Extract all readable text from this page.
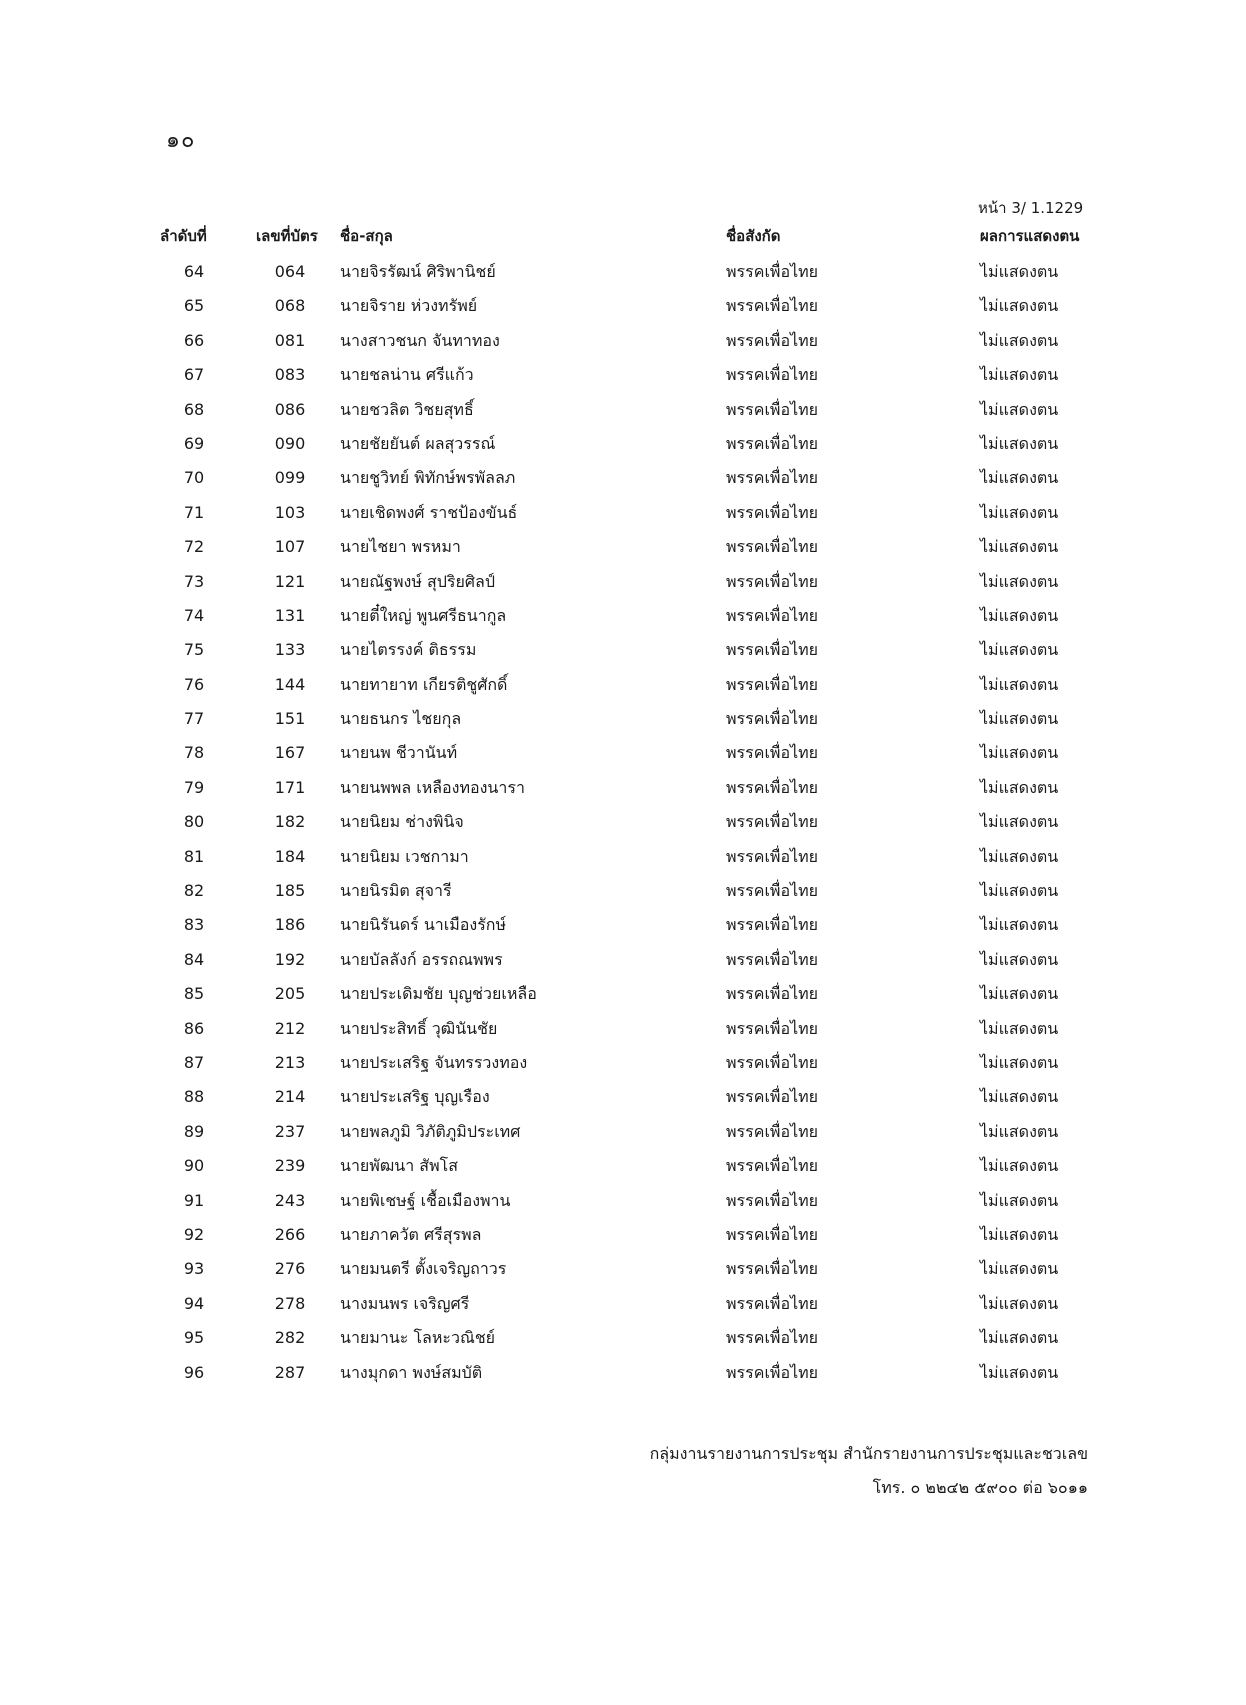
๑๐
หน้า 3/ 1.1229
ลำดับที่	เลขที่บัตร ชื่อ-สกุล	ชื่อสังกัด	ผลการแสดงตน
64	064	นายจิรรัฒน์ ศิริพานิชย์	พรรคเพื่อไทย	ไม่แสดงตน
65	068	นายจิราย ห่วงทรัพย์	พรรคเพื่อไทย	ไม่แสดงตน
66	081	นางสาวชนก จันทาทอง	พรรคเพื่อไทย	ไม่แสดงตน
67	083	นายชลน่าน ศรีแก้ว	พรรคเพื่อไทย	ไม่แสดงตน
68	086	นายชวลิต วิชยสุทธิ์	พรรคเพื่อไทย	ไม่แสดงตน
69	090	นายชัยยันต์ ผลสุวรรณ์	พรรคเพื่อไทย	ไม่แสดงตน
70	099	นายชูวิทย์ พิทักษ์พรพัลลภ	พรรคเพื่อไทย	ไม่แสดงตน
71	103	นายเชิดพงศ์ ราชป้องขันธ์	พรรคเพื่อไทย	ไม่แสดงตน
72	107	นายไชยา พรหมา	พรรคเพื่อไทย	ไม่แสดงตน
73	121	นายณัฐพงษ์ สุปริยศิลป์	พรรคเพื่อไทย	ไม่แสดงตน
74	131	นายตี๋ใหญ่ พูนศรีธนากูล	พรรคเพื่อไทย	ไม่แสดงตน
75	133	นายไตรรงค์ ติธรรม	พรรคเพื่อไทย	ไม่แสดงตน
76	144	นายทายาท เกียรติชูศักดิ์	พรรคเพื่อไทย	ไม่แสดงตน
77	151	นายธนกร ไชยกุล	พรรคเพื่อไทย	ไม่แสดงตน
78	167	นายนพ ชีวานันท์	พรรคเพื่อไทย	ไม่แสดงตน
79	171	นายนพพล เหลืองทองนารา	พรรคเพื่อไทย	ไม่แสดงตน
80	182	นายนิยม ช่างพินิจ	พรรคเพื่อไทย	ไม่แสดงตน
81	184	นายนิยม เวชกามา	พรรคเพื่อไทย	ไม่แสดงตน
82	185	นายนิรมิต สุจารี	พรรคเพื่อไทย	ไม่แสดงตน
83	186	นายนิรันดร์ นาเมืองรักษ์	พรรคเพื่อไทย	ไม่แสดงตน
84	192	นายบัลลังก์ อรรถณพพร	พรรคเพื่อไทย	ไม่แสดงตน
85	205	นายประเดิมชัย บุญช่วยเหลือ	พรรคเพื่อไทย	ไม่แสดงตน
86	212	นายประสิทธิ์ วุฒินันชัย	พรรคเพื่อไทย	ไม่แสดงตน
87	213	นายประเสริฐ จันทรรวงทอง	พรรคเพื่อไทย	ไม่แสดงตน
88	214	นายประเสริฐ บุญเรือง	พรรคเพื่อไทย	ไม่แสดงตน
89	237	นายพลภูมิ วิภัติภูมิประเทศ	พรรคเพื่อไทย	ไม่แสดงตน
90	239	นายพัฒนา สัพโส	พรรคเพื่อไทย	ไม่แสดงตน
91	243	นายพิเชษฐ์ เชื้อเมืองพาน	พรรคเพื่อไทย	ไม่แสดงตน
92	266	นายภาควัต ศรีสุรพล	พรรคเพื่อไทย	ไม่แสดงตน
93	276	นายมนตรี ตั้งเจริญถาวร	พรรคเพื่อไทย	ไม่แสดงตน
94	278	นางมนพร เจริญศรี	พรรคเพื่อไทย	ไม่แสดงตน
95	282	นายมานะ โลหะวณิชย์	พรรคเพื่อไทย	ไม่แสดงตน
96	287	นางมุกดา พงษ์สมบัติ	พรรคเพื่อไทย	ไม่แสดงตน
กลุ่มงานรายงานการประชุม สำนักรายงานการประชุมและชวเลข
โทร. ๐ ๒๒๔๒ ๕๙๐๐ ต่อ ๖๐๑๑
